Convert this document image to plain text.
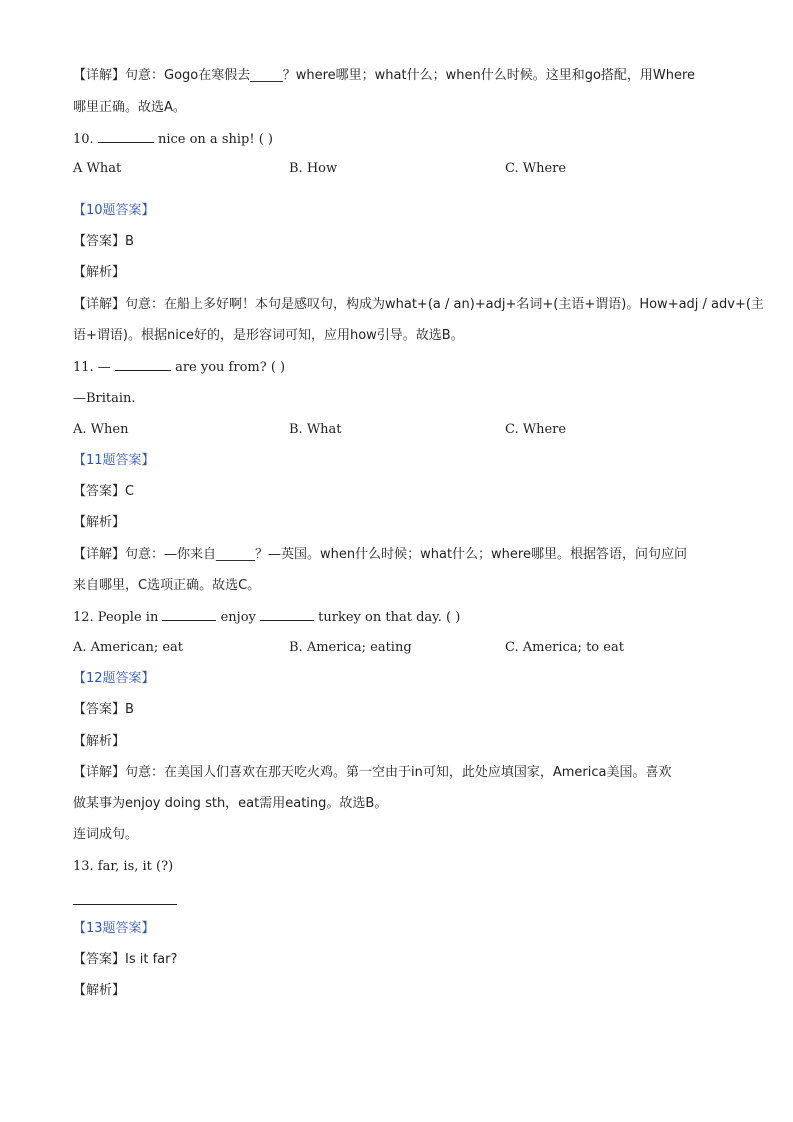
【详解】句意：Gogo在寒假去_____？where哪里；what什么；when什么时候。这里和go搭配，用Where
哪里正确。故选A。
10.	nice on a ship! ( )
A What	B. How	C. Where
【10题答案】
【答案】B
【解析】
【详解】句意：在船上多好啊！本句是感叹句，构成为what+(a / an)+adj+名词+(主语+谓语)。How+adj / adv+(主
语+谓语)。根据nice好的，是形容词可知，应用how引导。故选B。
11. —	are you from? ( )
—Britain.
A. When	B. What	C. Where
【11题答案】
【答案】C
【解析】
【详解】句意：—你来自______？—英国。when什么时候；what什么；where哪里。根据答语，问句应问
来自哪里，C选项正确。故选C。
12. People in	enjoy	turkey on that day. ( )
A. American; eat	B. America; eating	C. America; to eat
【12题答案】
【答案】B
【解析】
【详解】句意：在美国人们喜欢在那天吃火鸡。第一空由于in可知，此处应填国家，America美国。喜欢
做某事为enjoy doing sth，eat需用eating。故选B。
连词成句。
13. far, is, it (?)
【13题答案】
【答案】Is it far?
【解析】
